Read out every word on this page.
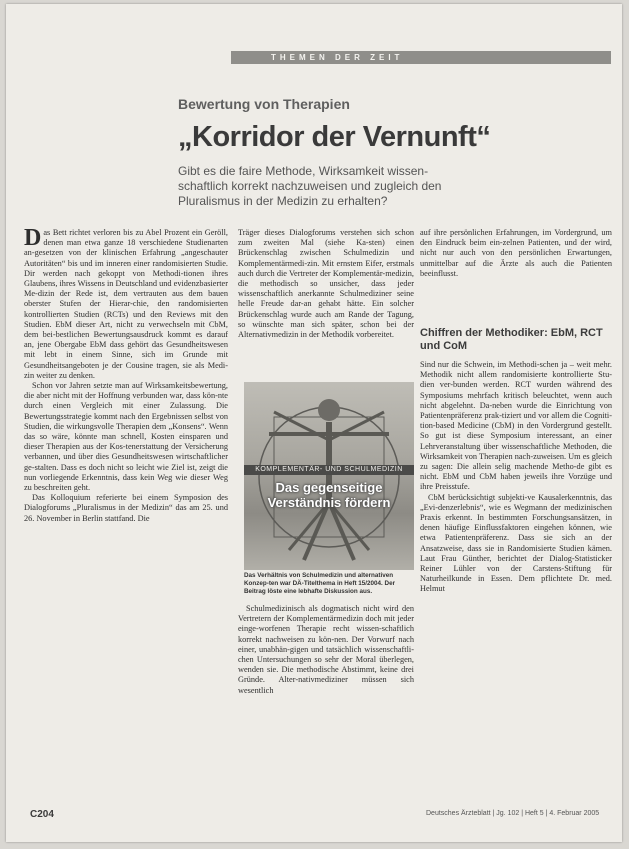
THEMEN DER ZEIT
Bewertung von Therapien
„Korridor der Vernunft“
Gibt es die faire Methode, Wirksamkeit wissen-schaftlich korrekt nachzuweisen und zugleich den Pluralismus in der Medizin zu erhalten?

Das Bett richtet verloren bis zu Abel Prozent ein Geröll, denen man etwa ganze 18 verschiedene Studienarten an-gesetzen von der klinischen Erfahrung „angeschauter Autoritäten“ bis und im inneren einer randomisierten Studie. Dir werden nach gekoppt von Methodi-tionen ihres Glaubens, ihres Wissens in Deutschland und evidenzbasierter Me-dizin der Rede ist, dem vertrauten aus dem bauen oberster Stufen der Hierar-chie, den randomisierten kontrollierten Studien (RCTs) und den Reviews mit den Studien. EbM dieser Art, nicht zu verwechseln mit CbM, dem bei-bestlichen Bewertungsausdruck kommt es darauf an, jene Obergabe EbM dass gehört das Gesundheitswesen mit lebt in einem Sinne, sich im Grunde mit Gesundheitsangeboten je der Cousine tragen, sie als Medi-zin weiter zu denken.

Schon vor Jahren setzte man auf Wirksamkeitsbewertung, die aber nicht mit der Hoffnung verbunden war, dass kön-nte durch einen Vergleich mit einer Zulassung. Die Bewertungsstrategie kommt nach den Ergebnissen selbst von Studien, die wirkungsvolle Therapien dem „Konsens“. Wenn das so wäre, könnte man schnell, Kosten einsparen und dieser Therapien aus der Kos-tenerstattung der Versicherung verbannen, und über dies Gesundheitswesen wirtschaftlicher ge-stalten. Dass es doch nicht so leicht wie Ziel ist, zeigt die nun vorliegende Erkenntnis, dass kein Weg wie dieser Weg zu beschreiten geht.

Das Kolloquium referierte bei einem Symposion des Dialogforums „Pluralismus in der Medizin“ das am 25. und 26. November in Berlin stattfand. Die

Träger dieses Dialogforums verstehen sich schon zum zweiten Mal (siehe Ka-sten) einen Brückenschlag zwischen Schulmedizin und Komplementärmedi-zin. Mit ernstem Eifer, erstmals auch durch die Vertreter der Komplementär-medizin, die methodisch so unsicher, dass jeder wissenschaftlich anerkannte Schulmediziner seine helle Freude dar-an gehabt hätte. Ein solcher Brückenschlag wurde auch am Rande der Tagung, so wünschte man sich später, schon bei der Alternativmedizin in der Methodik vorbereitet.

KOMPLEMENTÄR- UND SCHULMEDIZIN
Das gegenseitige
Verständnis fördern
Das Verhältnis von Schulmedizin und alternativen Konzep-ten war DÄ-Titelthema in Heft 15/2004. Der Beitrag löste eine lebhafte Diskussion aus.

Schulmedizinisch als dogmatisch nicht wird den Vertretern der Komplementärmedizin doch mit jeder einge-worfenen Therapie recht wissen-schaftlich korrekt nachweisen zu kön-nen. Der Vorwurf nach einer, unabhän-gigen und tatsächlich wissenschaftli-chen Untersuchungen so sehr der Moral überlegen, wenden sie. Die methodische Abstimmt, keine drei Gründe. Alter-nativmediziner müssen sich wesentlich

auf ihre persönlichen Erfahrungen, im Vordergrund, um den Eindruck beim ein-zelnen Patienten, und der wird, nicht nur auch von den persönlichen Erwartungen, unmittelbar auf die Ärzte als auch die Patienten beeinflusst.

Chiffren der Methodiker: EbM, RCT und CoM

Sind nur die Schwein, im Methodi-schen ja – weit mehr. Methodik nicht allem randomisierte kontrollierte Stu-dien ver-bunden werden. RCT wurden während des Symposiums mehrfach kritisch beleuchtet, wenn auch nicht abgelehnt. Da-neben wurde die Einrichtung von Patientenpräferenz prak-tiziert und vor allem die Cogniti-tion-based Medicine (CbM) in den Vordergrund gestellt. So gut ist diese Symposium interessant, an einer Lehrveranstaltung über wissenschaftliche Methoden, die Wirksamkeit von Therapien nach-zuweisen. Um es gleich zu sagen: Die allein selig machende Metho-de gibt es nicht. EbM und CbM haben jeweils ihre Vorzüge und ihre Preisstufe.

CbM berücksichtigt subjekti-ve Kausalerkenntnis, das „Evi-denzerlebnis“, wie es Wegmann der medizinischen Praxis erkennt. In bestimmten Forschungsansätzen, in denen häufige Einflussfaktoren eingehen können, wie etwa Patientenpräferenz. Dass sie sich an der Ansatzweise, dass sie in Randomisierte Studien kämen. Laut Frau Günther, berichtet der Dialog-Statisticker Reiner Lühler von der Carstens-Stiftung für Naturheilkunde in Essen. Dem pflichtete Dr. med. Helmut

C204	Deutsches Ärzteblatt | Jg. 102 | Heft 5 | 4. Februar 2005
